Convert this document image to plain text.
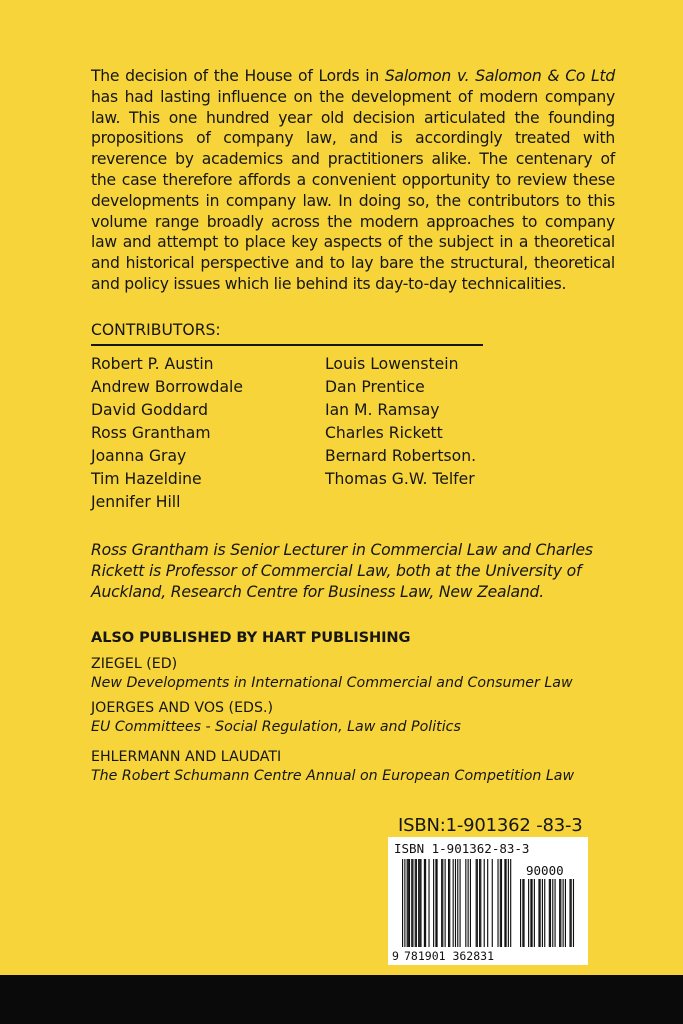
The decision of the House of Lords in Salomon v. Salomon & Co Ltd has had lasting influence on the development of modern company law. This one hundred year old decision articulated the founding propositions of company law, and is accordingly treated with reverence by academics and practitioners alike. The centenary of the case therefore affords a convenient opportunity to review these developments in company law. In doing so, the contributors to this volume range broadly across the modern approaches to company law and attempt to place key aspects of the subject in a theoretical and historical perspective and to lay bare the structural, theoretical and policy issues which lie behind its day-to-day technicalities.

CONTRIBUTORS:
Robert P. Austin
Andrew Borrowdale
David Goddard
Ross Grantham
Joanna Gray
Tim Hazeldine
Jennifer Hill
Louis Lowenstein
Dan Prentice
Ian M. Ramsay
Charles Rickett
Bernard Robertson.
Thomas G.W. Telfer

Ross Grantham is Senior Lecturer in Commercial Law and Charles Rickett is Professor of Commercial Law, both at the University of Auckland, Research Centre for Business Law, New Zealand.

ALSO PUBLISHED BY HART PUBLISHING
ZIEGEL (ED)
New Developments in International Commercial and Consumer Law
JOERGES AND VOS (EDS.)
EU Committees - Social Regulation, Law and Politics
EHLERMANN AND LAUDATI
The Robert Schumann Centre Annual on European Competition Law
ISBN:1-901362 -83-3
ISBN 1-901362-83-3
90000
9 781901 362831
